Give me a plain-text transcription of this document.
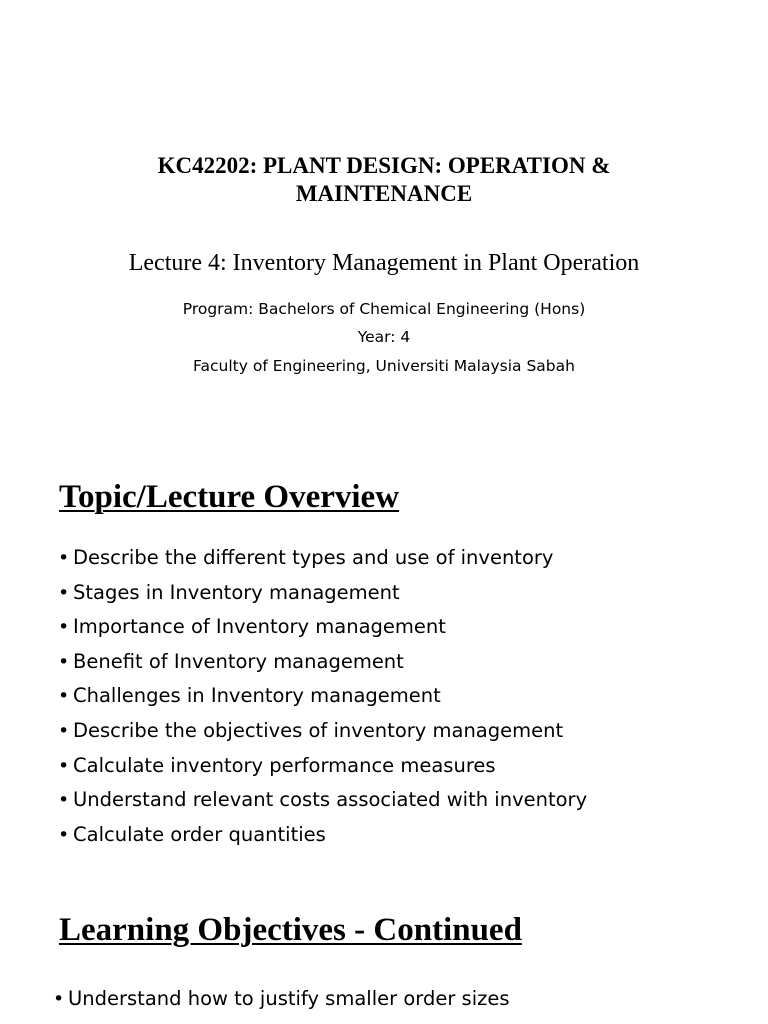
KC42202: PLANT DESIGN: OPERATION & MAINTENANCE
Lecture 4: Inventory Management in Plant Operation
Program: Bachelors of Chemical Engineering (Hons)
Year: 4
Faculty of Engineering, Universiti Malaysia Sabah
Topic/Lecture Overview
• Describe the different types and use of inventory
• Stages in Inventory management
• Importance of Inventory management
• Benefit of Inventory management
• Challenges in Inventory management
• Describe the objectives of inventory management
• Calculate inventory performance measures
• Understand relevant costs associated with inventory
• Calculate order quantities
Learning Objectives - Continued
• Understand how to justify smaller order sizes
